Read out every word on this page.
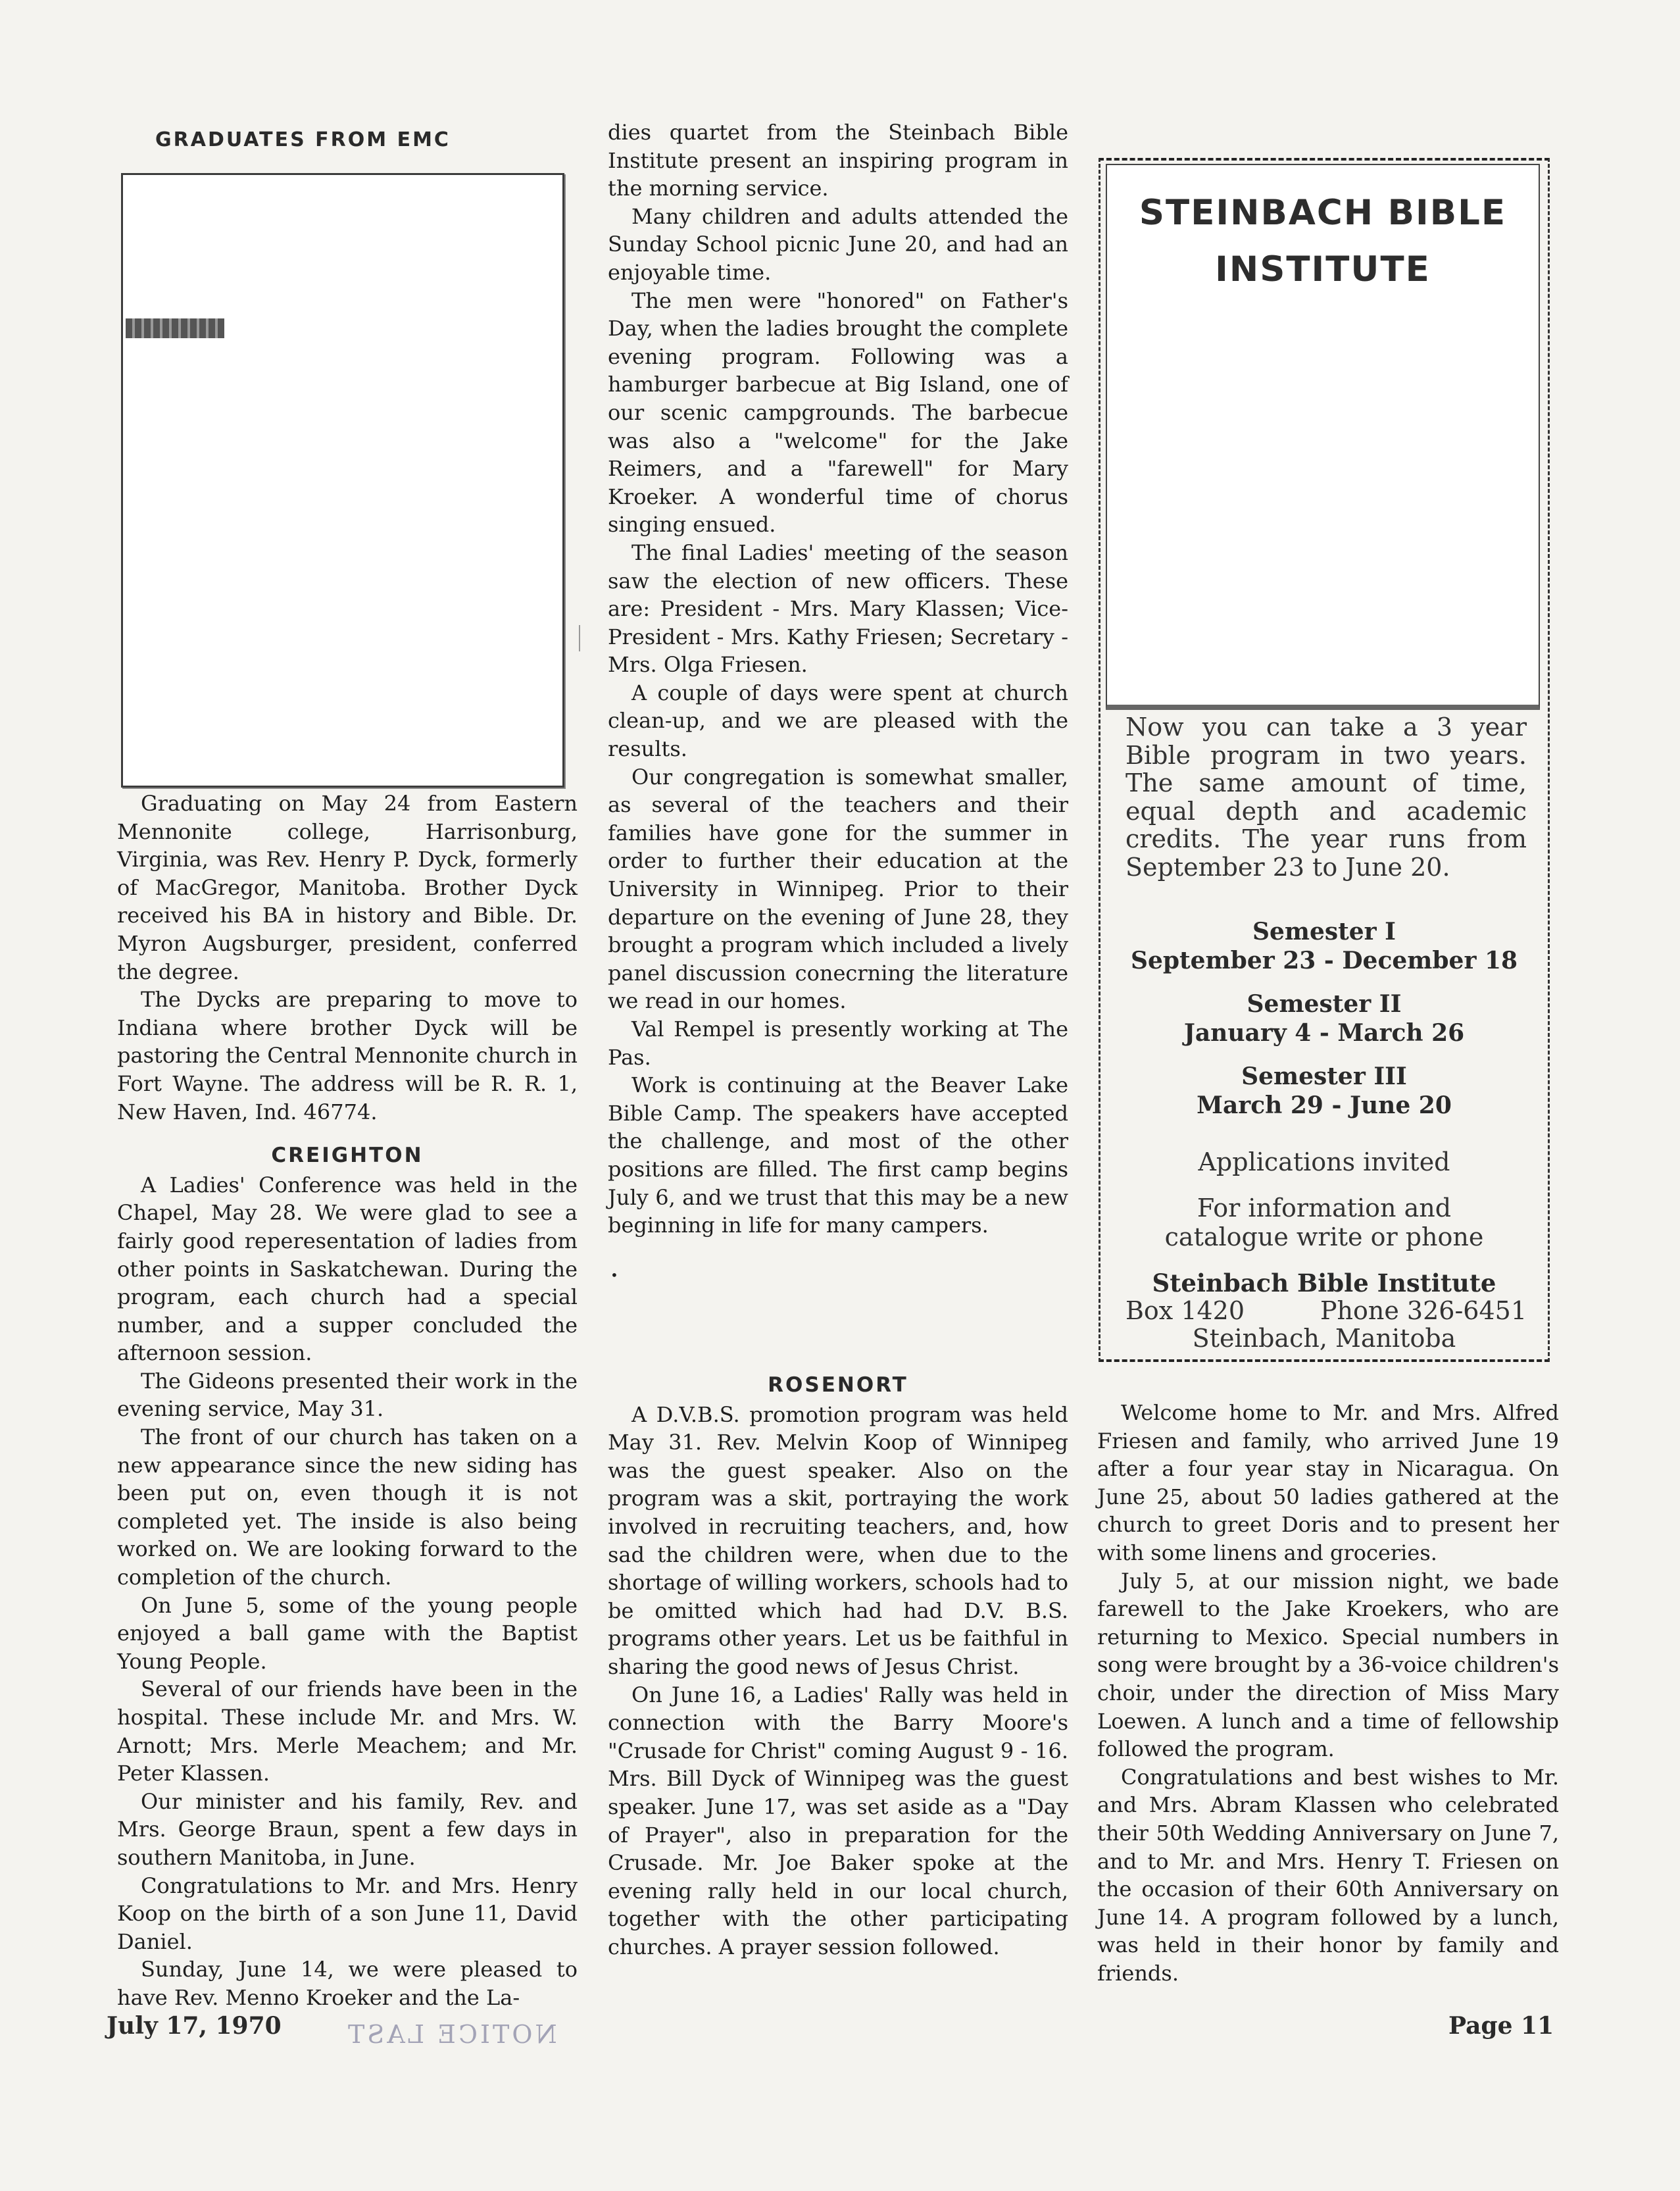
GRADUATES FROM EMC

Graduating on May 24 from Eastern Mennonite college, Harrisonburg, Virginia, was Rev. Henry P. Dyck, formerly of MacGregor, Manitoba. Brother Dyck received his BA in history and Bible. Dr. Myron Augsburger, president, conferred the degree.

The Dycks are preparing to move to Indiana where brother Dyck will be pastoring the Central Mennonite church in Fort Wayne. The address will be R. R. 1, New Haven, Ind. 46774.

CREIGHTON

A Ladies' Conference was held in the Chapel, May 28. We were glad to see a fairly good reperesentation of ladies from other points in Saskatchewan. During the program, each church had a special number, and a supper concluded the afternoon session.

The Gideons presented their work in the evening service, May 31.

The front of our church has taken on a new appearance since the new siding has been put on, even though it is not completed yet. The inside is also being worked on. We are looking forward to the completion of the church.

On June 5, some of the young people enjoyed a ball game with the Baptist Young People.

Several of our friends have been in the hospital. These include Mr. and Mrs. W. Arnott; Mrs. Merle Meachem; and Mr. Peter Klassen.

Our minister and his family, Rev. and Mrs. George Braun, spent a few days in southern Manitoba, in June.

Congratulations to Mr. and Mrs. Henry Koop on the birth of a son June 11, David Daniel.

Sunday, June 14, we were pleased to have Rev. Menno Kroeker and the La-

dies quartet from the Steinbach Bible Institute present an inspiring program in the morning service.

Many children and adults attended the Sunday School picnic June 20, and had an enjoyable time.

The men were "honored" on Father's Day, when the ladies brought the complete evening program. Following was a hamburger barbecue at Big Island, one of our scenic campgrounds. The barbecue was also a "welcome" for the Jake Reimers, and a "farewell" for Mary Kroeker. A wonderful time of chorus singing ensued.

The final Ladies' meeting of the season saw the election of new officers. These are: President - Mrs. Mary Klassen; Vice-President - Mrs. Kathy Friesen; Secretary - Mrs. Olga Friesen.

A couple of days were spent at church clean-up, and we are pleased with the results.

Our congregation is somewhat smaller, as several of the teachers and their families have gone for the summer in order to further their education at the University in Winnipeg. Prior to their departure on the evening of June 28, they brought a program which included a lively panel discussion conecrning the literature we read in our homes.

Val Rempel is presently working at The Pas.

Work is continuing at the Beaver Lake Bible Camp. The speakers have accepted the challenge, and most of the other positions are filled. The first camp begins July 6, and we trust that this may be a new beginning in life for many campers.

•
ROSENORT

A D.V.B.S. promotion program was held May 31. Rev. Melvin Koop of Winnipeg was the guest speaker. Also on the program was a skit, portraying the work involved in recruiting teachers, and, how sad the children were, when due to the shortage of willing workers, schools had to be omitted which had had D.V. B.S. programs other years. Let us be faithful in sharing the good news of Jesus Christ.

On June 16, a Ladies' Rally was held in connection with the Barry Moore's "Crusade for Christ" coming August 9 - 16. Mrs. Bill Dyck of Winnipeg was the guest speaker. June 17, was set aside as a "Day of Prayer", also in preparation for the Crusade. Mr. Joe Baker spoke at the evening rally held in our local church, together with the other participating churches. A prayer session followed.

STEINBACH BIBLE INSTITUTE
Now you can take a 3 year Bible program in two years. The same amount of time, equal depth and academic credits. The year runs from September 23 to June 20.
Semester I
September 23 - December 18
Semester II
January 4 - March 26
Semester III
March 29 - June 20
Applications invited
For information and catalogue write or phone
Steinbach Bible Institute
Box 1420	Phone 326-6451
Steinbach, Manitoba

Welcome home to Mr. and Mrs. Alfred Friesen and family, who arrived June 19 after a four year stay in Nicaragua. On June 25, about 50 ladies gathered at the church to greet Doris and to present her with some linens and groceries.

July 5, at our mission night, we bade farewell to the Jake Kroekers, who are returning to Mexico. Special numbers in song were brought by a 36-voice children's choir, under the direction of Miss Mary Loewen. A lunch and a time of fellowship followed the program.

Congratulations and best wishes to Mr. and Mrs. Abram Klassen who celebrated their 50th Wedding Anniversary on June 7, and to Mr. and Mrs. Henry T. Friesen on the occasion of their 60th Anniversary on June 14. A program followed by a lunch, was held in their honor by family and friends.

July 17, 1970	NOTICE LAST	Page 11
